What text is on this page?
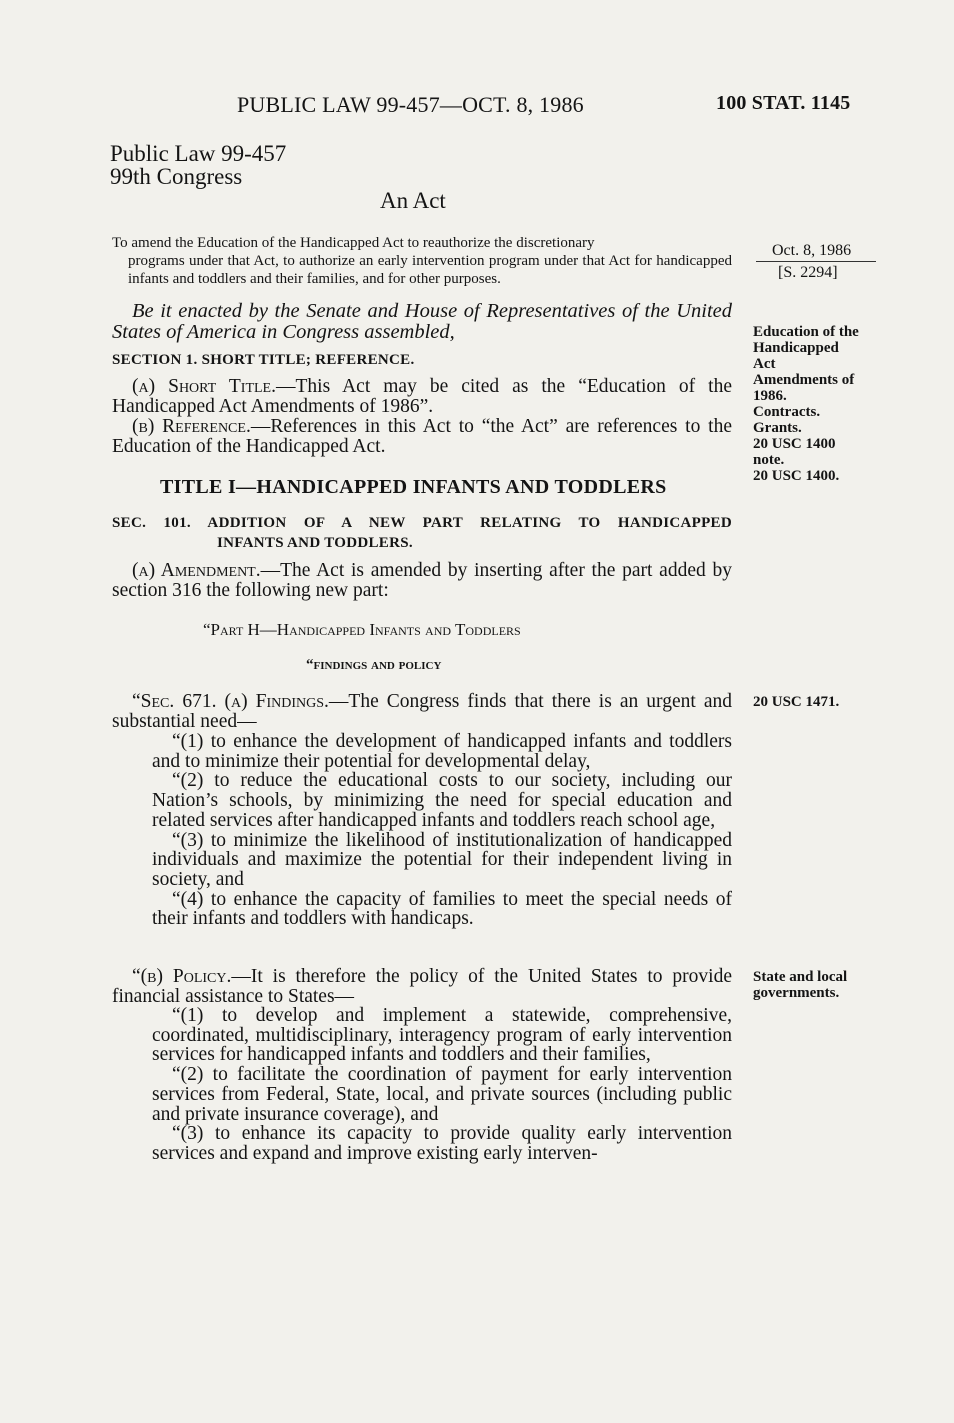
PUBLIC LAW 99-457—OCT. 8, 1986	100 STAT. 1145
Public Law 99-457
99th Congress
An Act
To amend the Education of the Handicapped Act to reauthorize the discretionary
programs under that Act, to authorize an early intervention program under that Act for handicapped infants and toddlers and their families, and for other purposes.
Oct. 8, 1986
[S. 2294]
Be it enacted by the Senate and House of Representatives of the United States of America in Congress assembled,	Education of the
Handicapped
Act
Amendments of
1986.
Contracts.
Grants.
20 USC 1400
note.
20 USC 1400.
SECTION 1. SHORT TITLE; REFERENCE.
(a) Short Title.—This Act may be cited as the “Education of the Handicapped Act Amendments of 1986”.
(b) Reference.—References in this Act to “the Act” are references to the Education of the Handicapped Act.
TITLE I—HANDICAPPED INFANTS AND TODDLERS
SEC. 101. ADDITION OF A NEW PART RELATING TO HANDICAPPED
INFANTS AND TODDLERS.
(a) Amendment.—The Act is amended by inserting after the part added by section 316 the following new part:
“Part H—Handicapped Infants and Toddlers
“findings and policy
“Sec. 671. (a) Findings.—The Congress finds that there is an urgent and substantial need—
20 USC 1471.

“(1) to enhance the development of handicapped infants and toddlers and to minimize their potential for developmental delay,

“(2) to reduce the educational costs to our society, including our Nation’s schools, by minimizing the need for special education and related services after handicapped infants and toddlers reach school age,

“(3) to minimize the likelihood of institutionalization of handicapped individuals and maximize the potential for their independent living in society, and

“(4) to enhance the capacity of families to meet the special needs of their infants and toddlers with handicaps.

“(b) Policy.—It is therefore the policy of the United States to provide financial assistance to States—
State and local
governments.

“(1) to develop and implement a statewide, comprehensive, coordinated, multidisciplinary, interagency program of early intervention services for handicapped infants and toddlers and their families,

“(2) to facilitate the coordination of payment for early intervention services from Federal, State, local, and private sources (including public and private insurance coverage), and

“(3) to enhance its capacity to provide quality early intervention services and expand and improve existing early interven-
